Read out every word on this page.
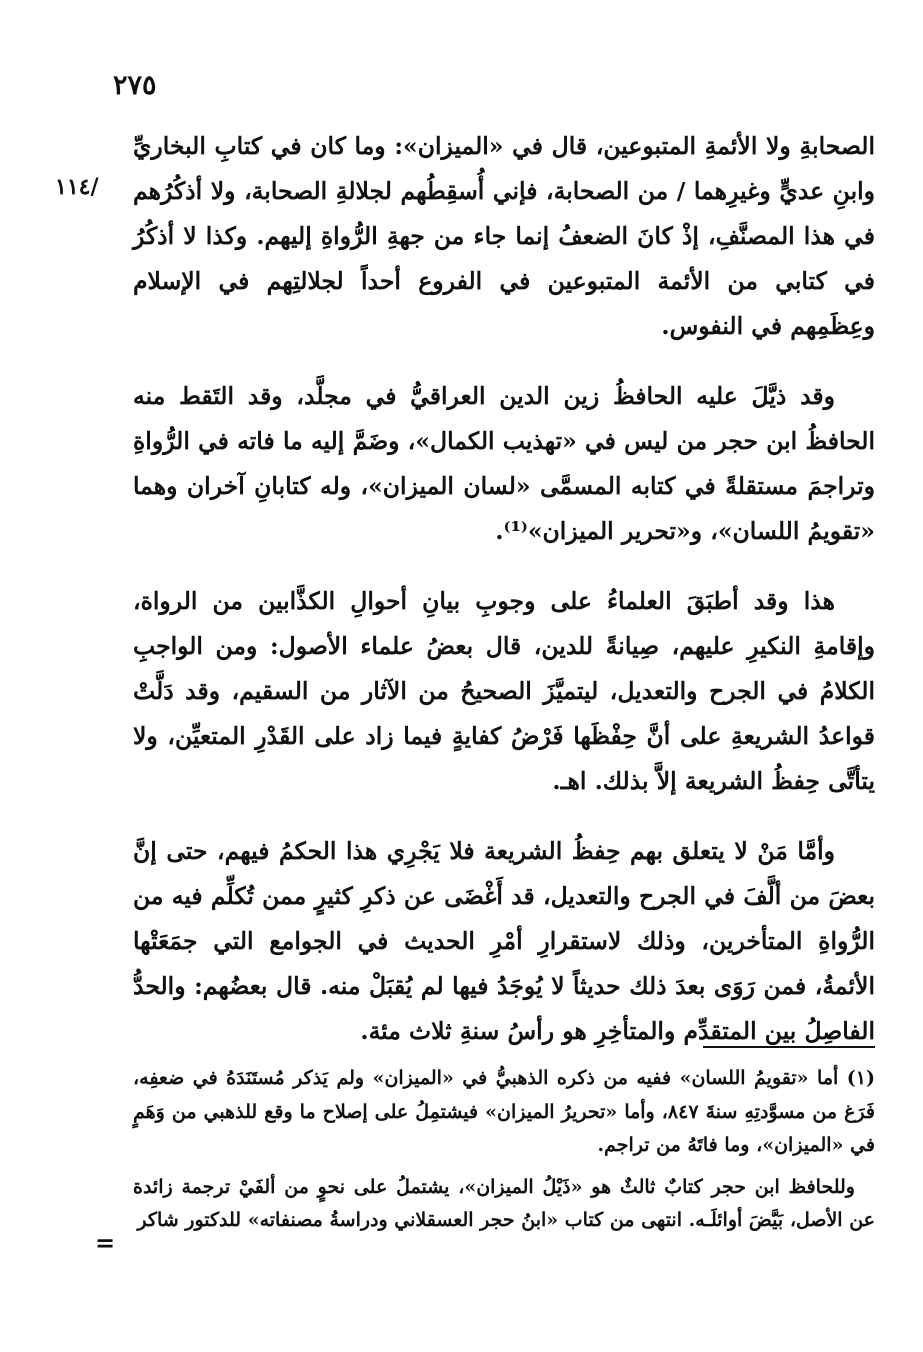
٢٧٥
/١١٤

الصحابةِ ولا الأئمةِ المتبوعين، قال في «الميزان»: وما كان في كتابِ البخاريِّ وابنِ عديٍّ وغيرِهما / من الصحابة، فإني أُسقِطُهم لجلالةِ الصحابة، ولا أذكُرُهم في هذا المصنَّفِ، إذْ كانَ الضعفُ إنما جاء من جهةِ الرُّواةِ إليهم. وكذا لا أذكُرُ في كتابي من الأئمة المتبوعين في الفروع أحداً لجلالتِهم في الإسلام وعِظَمِهم في النفوس.

وقد ذيَّلَ عليه الحافظُ زين الدين العراقيُّ في مجلَّد، وقد التَقط منه الحافظُ ابن حجر من ليس في «تهذيب الكمال»، وضَمَّ إليه ما فاته في الرُّواةِ وتراجمَ مستقلةً في كتابه المسمَّى «لسان الميزان»، وله كتابانِ آخران وهما «تقويمُ اللسان»، و«تحرير الميزان»⁽¹⁾.

هذا وقد أطبَقَ العلماءُ على وجوبِ بيانِ أحوالِ الكذَّابين من الرواة، وإقامةِ النكيرِ عليهم، صِيانةً للدين، قال بعضُ علماء الأصول: ومن الواجبِ الكلامُ في الجرح والتعديل، ليتميَّزَ الصحيحُ من الآثار من السقيم، وقد دَلَّتْ قواعدُ الشريعةِ على أنَّ حِفْظَها فَرْضُ كفايةٍ فيما زاد على القَدْرِ المتعيِّن، ولا يتأتَّى حِفظُ الشريعة إلاَّ بذلك. اهـ.

وأمَّا مَنْ لا يتعلق بهم حِفظُ الشريعة فلا يَجْرِي هذا الحكمُ فيهم، حتى إنَّ بعضَ من ألَّفَ في الجرح والتعديل، قد أَغْضَى عن ذكرِ كثيرٍ ممن تُكلِّم فيه من الرُّواةِ المتأخرين، وذلك لاستقرارِ أمْرِ الحديث في الجوامع التي جمَعَتْها الأئمةُ، فمن رَوَى بعدَ ذلك حديثاً لا يُوجَدُ فيها لم يُقبَلْ منه. قال بعضُهم: والحدُّ الفاصِلُ بين المتقدِّم والمتأخِرِ هو رأسُ سنةِ ثلاث مئة.

(١) أما «تقويمُ اللسان» ففيه من ذكره الذهبيُّ في «الميزان» ولم يَذكر مُستَنَدَهُ في ضعفِه، فَرَغ من مسوَّدتِهِ سنةَ ٨٤٧، وأما «تحريرُ الميزان» فيشتمِلُ على إصلاح ما وقع للذهبي من وَهَمٍ في «الميزان»، وما فاتَهُ من تراجم.

وللحافظ ابن حجر كتابٌ ثالثٌ هو «ذَيْلُ الميزان»، يشتملُ على نحوٍ من ألفَيْ ترجمة زائدة عن الأصل، بَيَّضَ أوائلَـه. انتهى من كتاب «ابنُ حجر العسقلاني ودراسةُ مصنفاته» للدكتور شاكر

=
